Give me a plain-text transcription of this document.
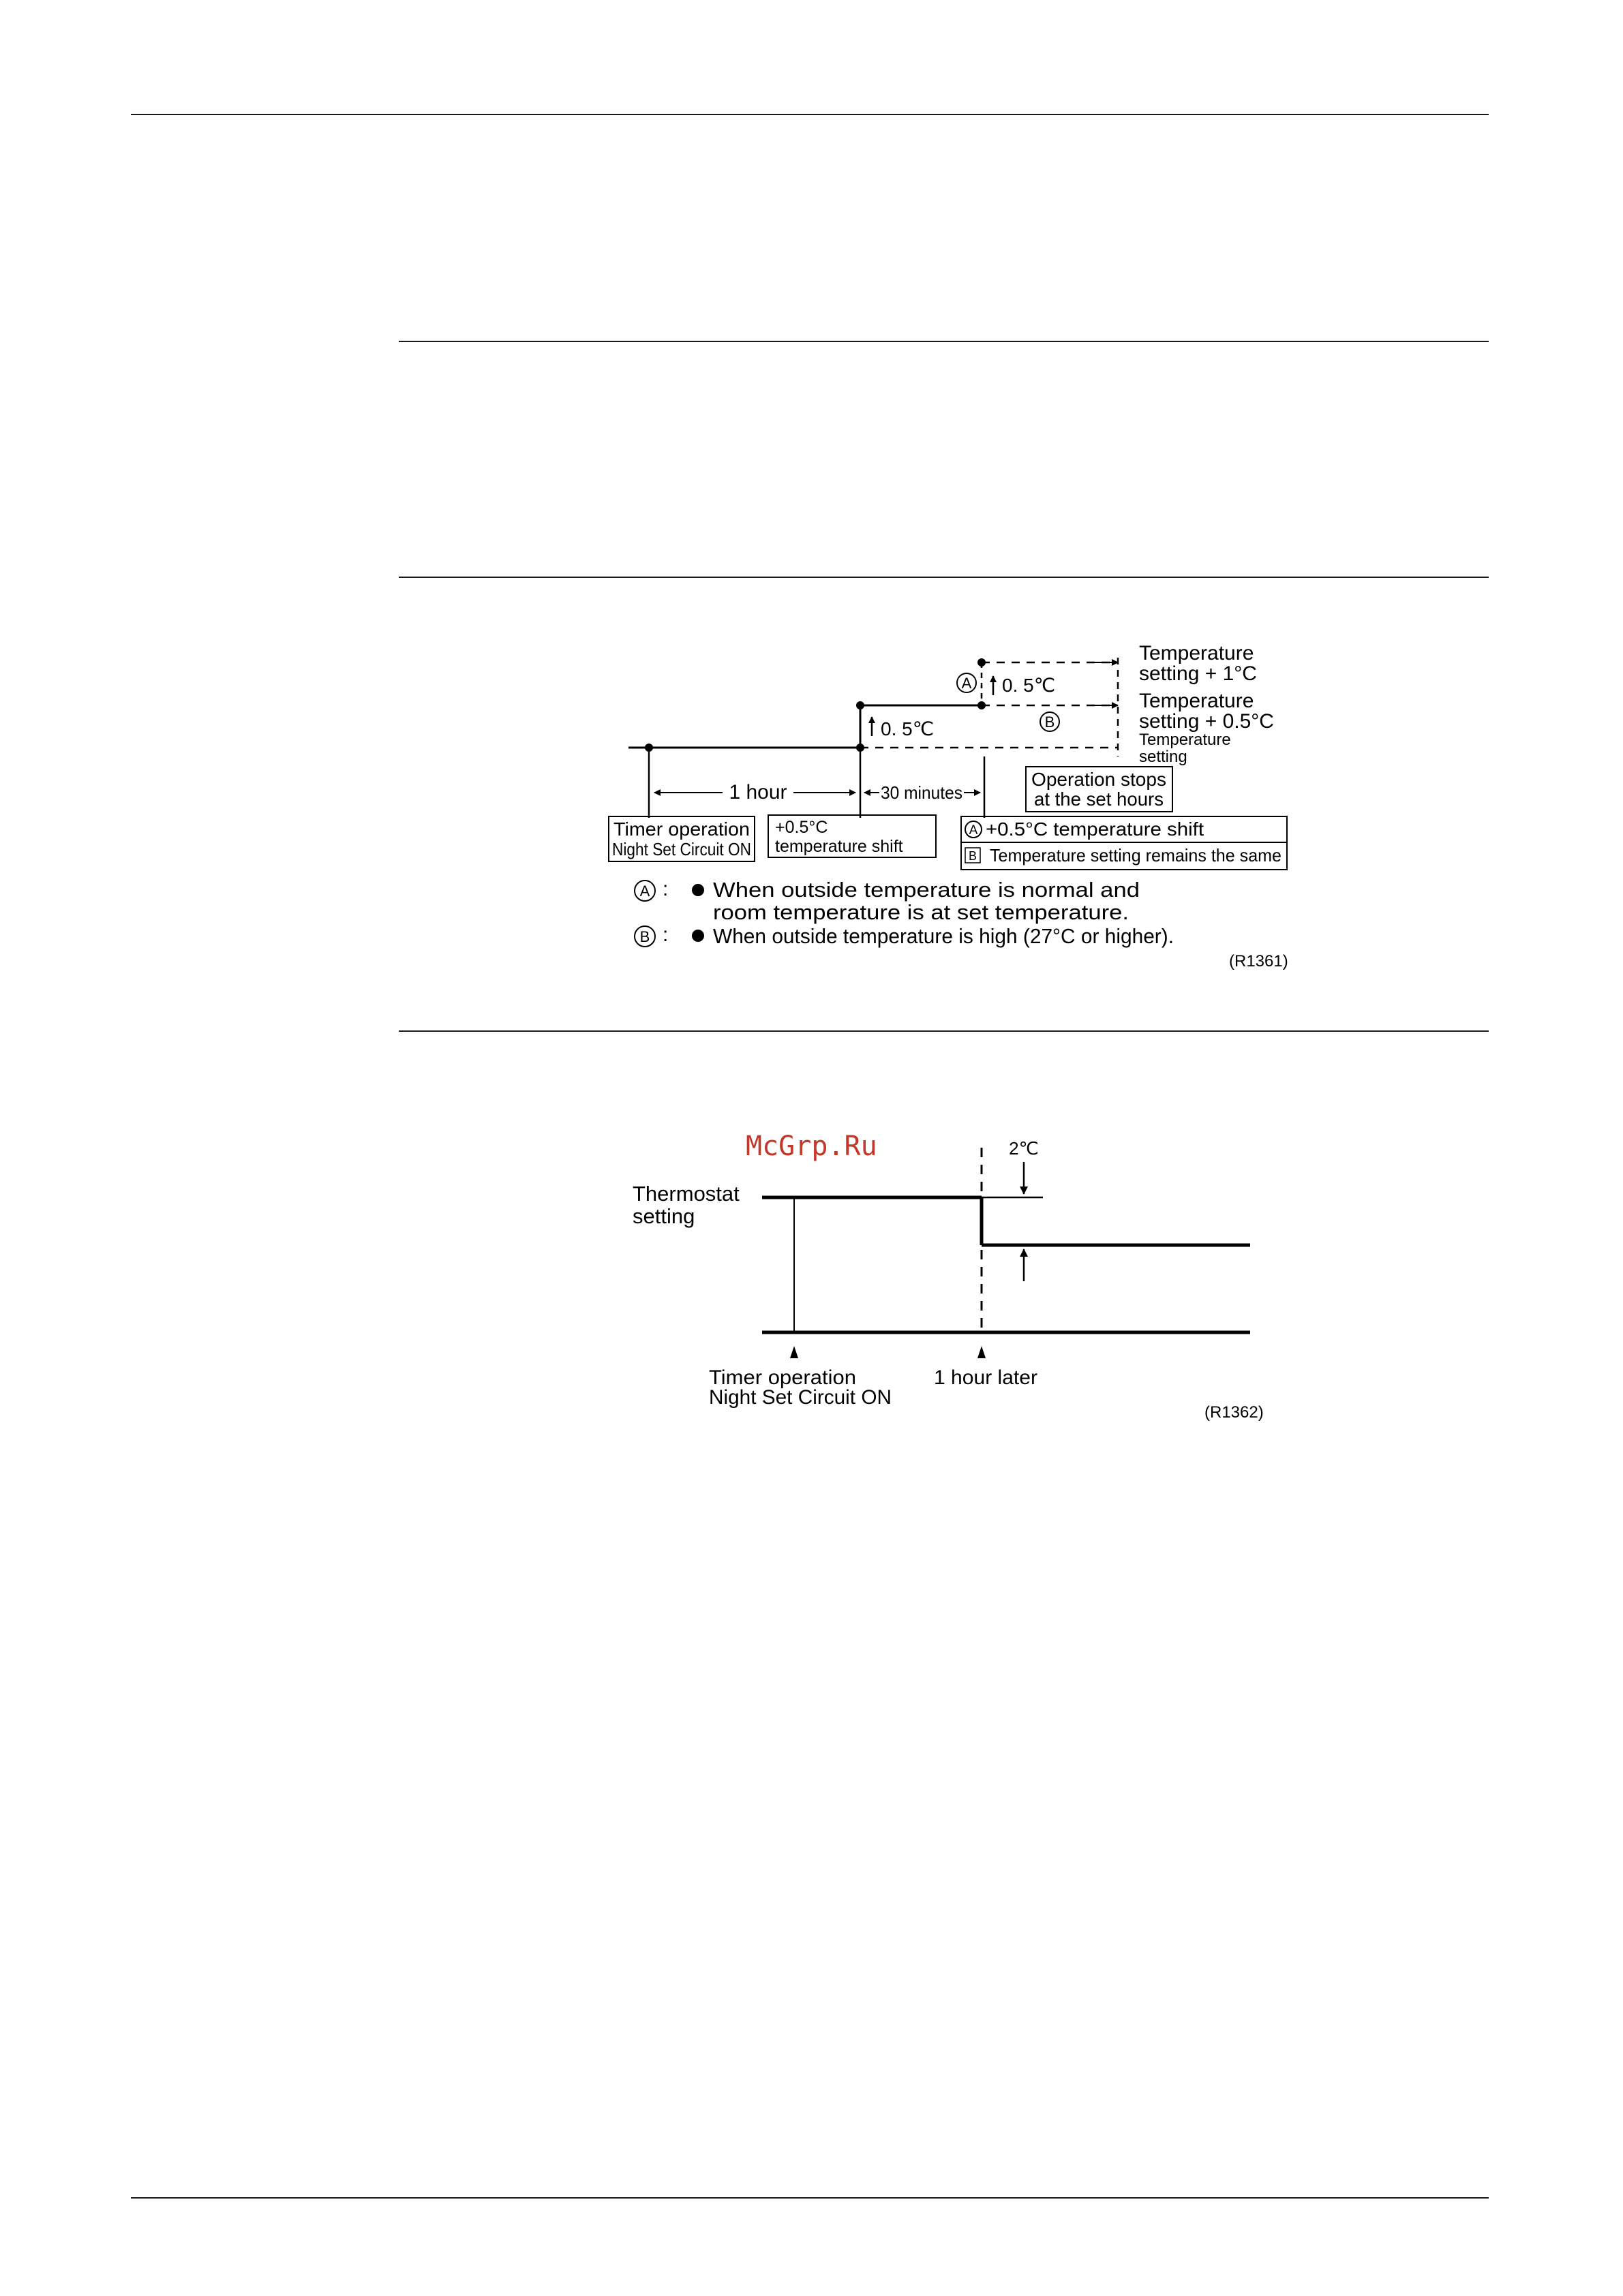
A
B
0. 5℃
0. 5℃
Temperature
setting + 1°C
Temperature
setting + 0.5°C
Temperature
setting
1 hour	30 minutes
Timer operation
Night Set Circuit ON
+0.5°C
temperature shift
Operation stops
at the set hours
A +0.5°C temperature shift
B Temperature setting remains the same
A : When outside temperature is normal and
room temperature is at set temperature.
B : When outside temperature is high (27°C or higher).
(R1361)
McGrp.Ru	2℃
Thermostat
setting
Timer operation
Night Set Circuit ON
1 hour later
(R1362)
